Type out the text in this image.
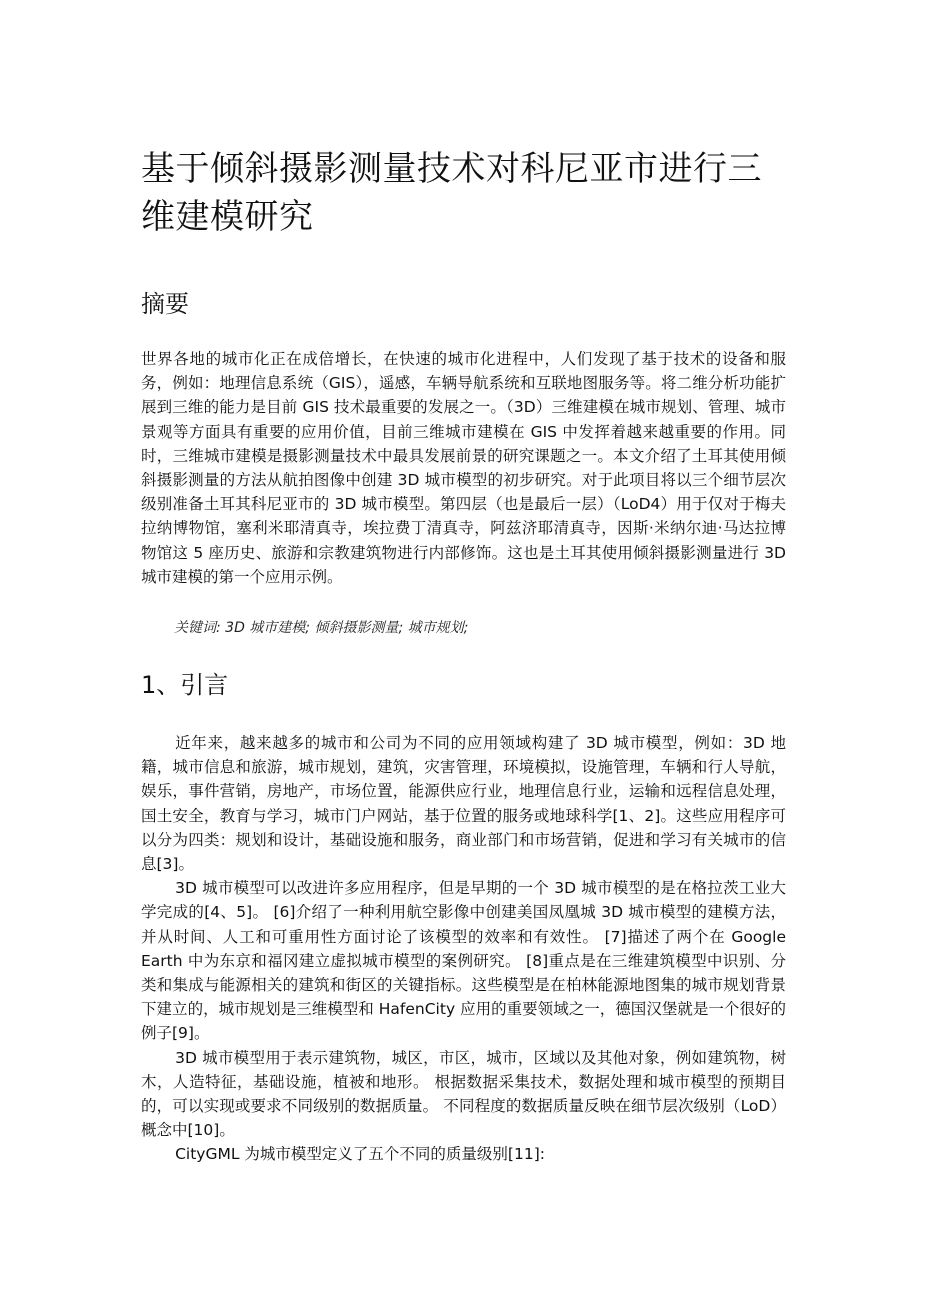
基于倾斜摄影测量技术对科尼亚市进行三维建模研究
摘要

世界各地的城市化正在成倍增长，在快速的城市化进程中，人们发现了基于技术的设备和服务，例如：地理信息系统（GIS），遥感，车辆导航系统和互联地图服务等。将二维分析功能扩展到三维的能力是目前 GIS 技术最重要的发展之一。（3D）三维建模在城市规划、管理、城市景观等方面具有重要的应用价值，目前三维城市建模在 GIS 中发挥着越来越重要的作用。同时，三维城市建模是摄影测量技术中最具发展前景的研究课题之一。本文介绍了土耳其使用倾斜摄影测量的方法从航拍图像中创建 3D 城市模型的初步研究。对于此项目将以三个细节层次级别准备土耳其科尼亚市的 3D 城市模型。第四层（也是最后一层）（LoD4）用于仅对于梅夫拉纳博物馆，塞利米耶清真寺，埃拉费丁清真寺，阿兹济耶清真寺，因斯·米纳尔迪·马达拉博物馆这 5 座历史、旅游和宗教建筑物进行内部修饰。这也是土耳其使用倾斜摄影测量进行 3D 城市建模的第一个应用示例。

关键词: 3D 城市建模; 倾斜摄影测量; 城市规划;

1、引言

近年来，越来越多的城市和公司为不同的应用领域构建了 3D 城市模型，例如：3D 地籍，城市信息和旅游，城市规划，建筑，灾害管理，环境模拟，设施管理，车辆和行人导航，娱乐，事件营销，房地产，市场位置，能源供应行业，地理信息行业，运输和远程信息处理，国土安全，教育与学习，城市门户网站，基于位置的服务或地球科学[1、2]。这些应用程序可以分为四类：规划和设计，基础设施和服务，商业部门和市场营销，促进和学习有关城市的信息[3]。

3D 城市模型可以改进许多应用程序，但是早期的一个 3D 城市模型的是在格拉茨工业大学完成的[4、5]。 [6]介绍了一种利用航空影像中创建美国凤凰城 3D 城市模型的建模方法，并从时间、人工和可重用性方面讨论了该模型的效率和有效性。 [7]描述了两个在 Google Earth 中为东京和福冈建立虚拟城市模型的案例研究。 [8]重点是在三维建筑模型中识别、分类和集成与能源相关的建筑和街区的关键指标。这些模型是在柏林能源地图集的城市规划背景下建立的，城市规划是三维模型和 HafenCity 应用的重要领域之一，德国汉堡就是一个很好的例子[9]。

3D 城市模型用于表示建筑物，城区，市区，城市，区域以及其他对象，例如建筑物，树木，人造特征，基础设施，植被和地形。 根据数据采集技术，数据处理和城市模型的预期目的，可以实现或要求不同级别的数据质量。 不同程度的数据质量反映在细节层次级别（LoD）概念中[10]。

CityGML 为城市模型定义了五个不同的质量级别[11]:
